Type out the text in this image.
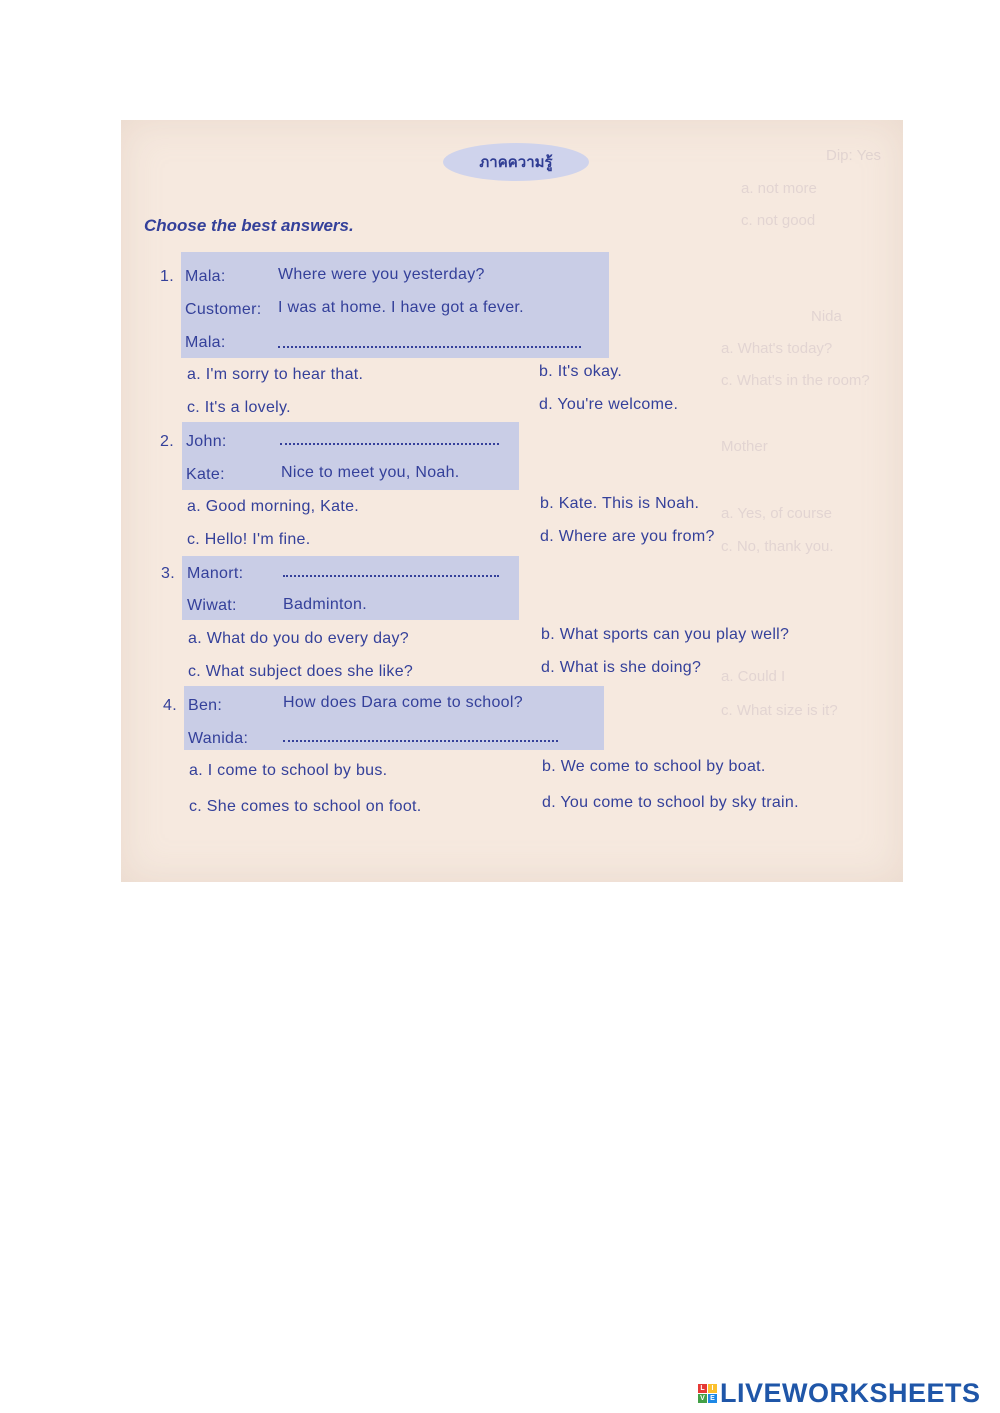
Dip: Yes
a. not more
c. not good
Nida
a. What's today?
c. What's in the room?
Mother
a. Yes, of course
c. No, thank you.
a. Could I
c. What size is it?
ภาคความรู้
Choose the best answers.
1. Mala:	Where were you yesterday?
Customer: I was at home. I have got a fever.
Mala:
a. I'm sorry to hear that.	b. It's okay.
c. It's a lovely.	d. You're welcome.
2. John:
Kate:	Nice to meet you, Noah.
a. Good morning, Kate.	b. Kate. This is Noah.
c. Hello! I'm fine.	d. Where are you from?
3. Manort:
Wiwat:	Badminton.
a. What do you do every day?	b. What sports can you play well?
c. What subject does she like?	d. What is she doing?
4. Ben:	How does Dara come to school?
Wanida:
a. I come to school by bus.	b. We come to school by boat.
c. She comes to school on foot.	d. You come to school by sky train.
L I
V E LIVEWORKSHEETS
